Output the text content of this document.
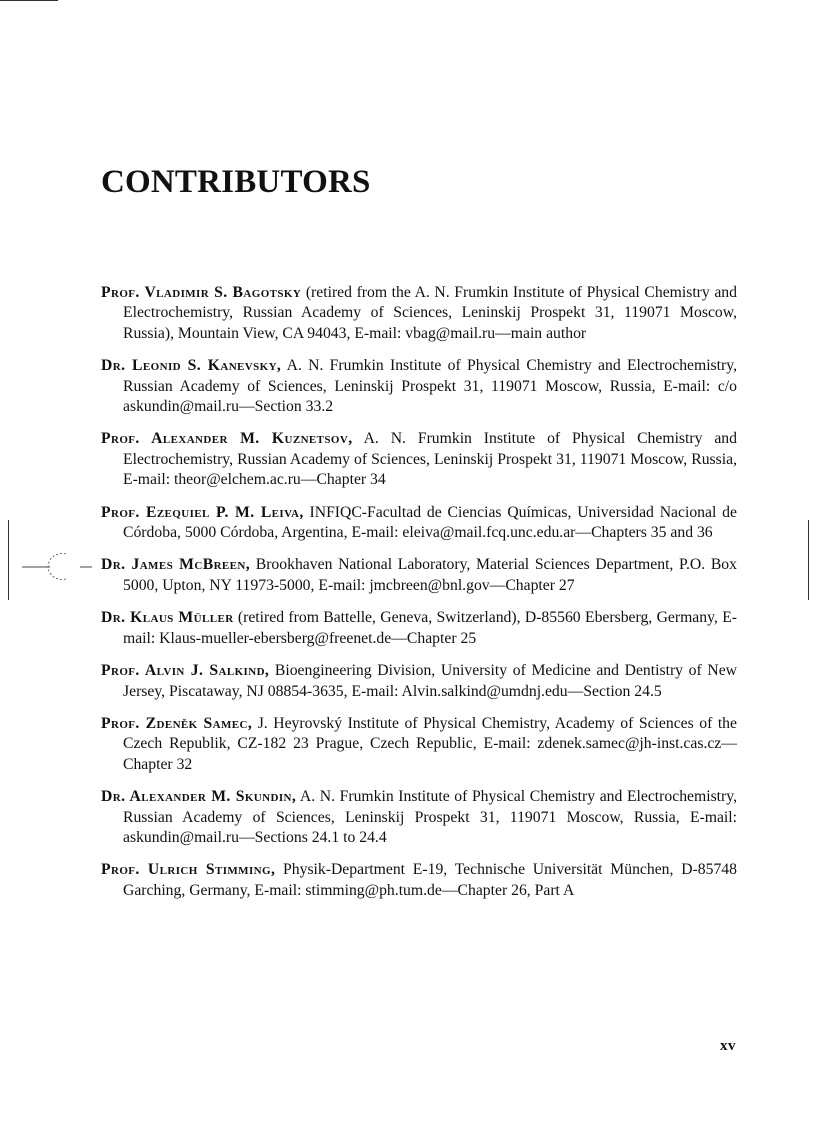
CONTRIBUTORS

Prof. Vladimir S. Bagotsky (retired from the A. N. Frumkin Institute of Physical Chemistry and Electrochemistry, Russian Academy of Sciences, Leninskij Prospekt 31, 119071 Moscow, Russia), Mountain View, CA 94043, E-mail: vbag@mail.ru—main author

Dr. Leonid S. Kanevsky, A. N. Frumkin Institute of Physical Chemistry and Electrochemistry, Russian Academy of Sciences, Leninskij Prospekt 31, 119071 Moscow, Russia, E-mail: c/o askundin@mail.ru—Section 33.2

Prof. Alexander M. Kuznetsov, A. N. Frumkin Institute of Physical Chemistry and Electrochemistry, Russian Academy of Sciences, Leninskij Prospekt 31, 119071 Moscow, Russia, E-mail: theor@elchem.ac.ru—Chapter 34

Prof. Ezequiel P. M. Leiva, INFIQC-Facultad de Ciencias Químicas, Universidad Nacional de Córdoba, 5000 Córdoba, Argentina, E-mail: eleiva@mail.fcq.unc.edu.ar—Chapters 35 and 36

Dr. James McBreen, Brookhaven National Laboratory, Material Sciences Department, P.O. Box 5000, Upton, NY 11973-5000, E-mail: jmcbreen@bnl.gov—Chapter 27

Dr. Klaus Müller (retired from Battelle, Geneva, Switzerland), D-85560 Ebersberg, Germany, E-mail: Klaus-mueller-ebersberg@freenet.de—Chapter 25

Prof. Alvin J. Salkind, Bioengineering Division, University of Medicine and Dentistry of New Jersey, Piscataway, NJ 08854-3635, E-mail: Alvin.salkind@umdnj.edu—Section 24.5

Prof. Zdeněk Samec, J. Heyrovský Institute of Physical Chemistry, Academy of Sciences of the Czech Republik, CZ-182 23 Prague, Czech Republic, E-mail: zdenek.samec@jh-inst.cas.cz—Chapter 32

Dr. Alexander M. Skundin, A. N. Frumkin Institute of Physical Chemistry and Electrochemistry, Russian Academy of Sciences, Leninskij Prospekt 31, 119071 Moscow, Russia, E-mail: askundin@mail.ru—Sections 24.1 to 24.4

Prof. Ulrich Stimming, Physik-Department E-19, Technische Universität München, D-85748 Garching, Germany, E-mail: stimming@ph.tum.de—Chapter 26, Part A

xv
